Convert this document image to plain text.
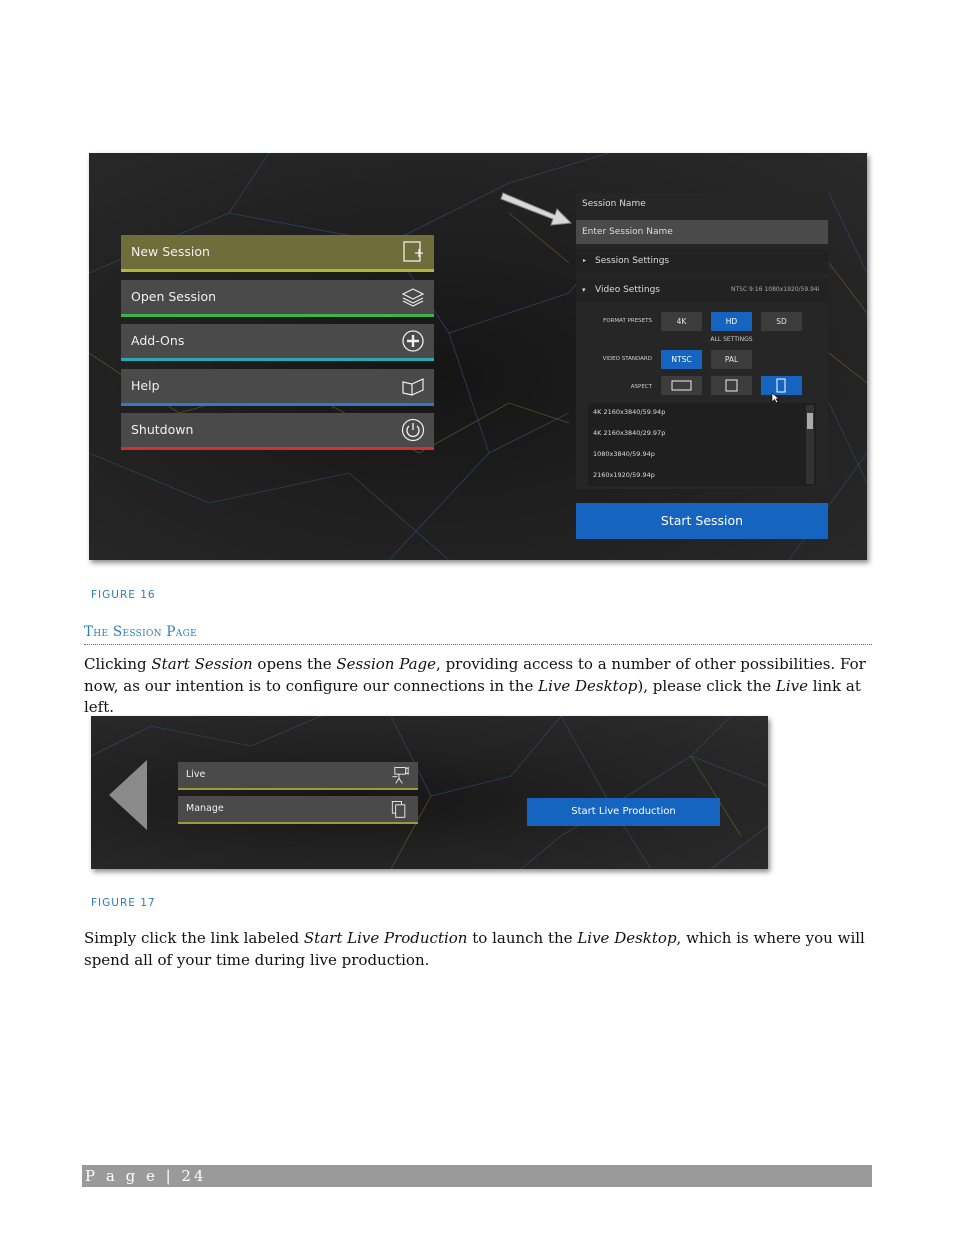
New Session
Open Session
Add-Ons
Help
Shutdown
Session Name
Enter Session Name
▸ Session Settings
▾ Video Settings	NTSC 9:16 1080x1920/59.94i
FORMAT PRESETS	4K	HD	SD
ALL SETTINGS
VIDEO STANDARD	NTSC	PAL
ASPECT
4K 2160x3840/59.94p
4K 2160x3840/29.97p
1080x3840/59.94p
2160x1920/59.94p
Start Session
FIGURE 16
The Session Page
Clicking Start Session opens the Session Page, providing access to a number of other possibilities. For now, as our intention is to configure our connections in the Live Desktop), please click the Live link at left.
Live
Manage	Start Live Production
FIGURE 17
Simply click the link labeled Start Live Production to launch the Live Desktop, which is where you will spend all of your time during live production.
P a g e | 24
